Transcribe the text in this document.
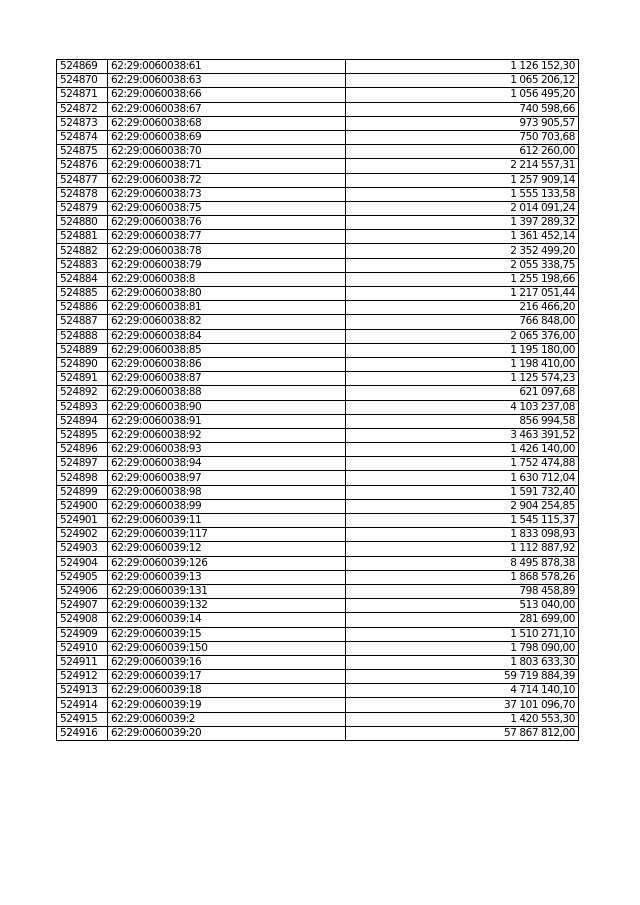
524869	62:29:0060038:61	1 126 152,30
524870	62:29:0060038:63	1 065 206,12
524871	62:29:0060038:66	1 056 495,20
524872	62:29:0060038:67	740 598,66
524873	62:29:0060038:68	973 905,57
524874	62:29:0060038:69	750 703,68
524875	62:29:0060038:70	612 260,00
524876	62:29:0060038:71	2 214 557,31
524877	62:29:0060038:72	1 257 909,14
524878	62:29:0060038:73	1 555 133,58
524879	62:29:0060038:75	2 014 091,24
524880	62:29:0060038:76	1 397 289,32
524881	62:29:0060038:77	1 361 452,14
524882	62:29:0060038:78	2 352 499,20
524883	62:29:0060038:79	2 055 338,75
524884	62:29:0060038:8	1 255 198,66
524885	62:29:0060038:80	1 217 051,44
524886	62:29:0060038:81	216 466,20
524887	62:29:0060038:82	766 848,00
524888	62:29:0060038:84	2 065 376,00
524889	62:29:0060038:85	1 195 180,00
524890	62:29:0060038:86	1 198 410,00
524891	62:29:0060038:87	1 125 574,23
524892	62:29:0060038:88	621 097,68
524893	62:29:0060038:90	4 103 237,08
524894	62:29:0060038:91	856 994,58
524895	62:29:0060038:92	3 463 391,52
524896	62:29:0060038:93	1 426 140,00
524897	62:29:0060038:94	1 752 474,88
524898	62:29:0060038:97	1 630 712,04
524899	62:29:0060038:98	1 591 732,40
524900	62:29:0060038:99	2 904 254,85
524901	62:29:0060039:11	1 545 115,37
524902	62:29:0060039:117	1 833 098,93
524903	62:29:0060039:12	1 112 887,92
524904	62:29:0060039:126	8 495 878,38
524905	62:29:0060039:13	1 868 578,26
524906	62:29:0060039:131	798 458,89
524907	62:29:0060039:132	513 040,00
524908	62:29:0060039:14	281 699,00
524909	62:29:0060039:15	1 510 271,10
524910	62:29:0060039:150	1 798 090,00
524911	62:29:0060039:16	1 803 633,30
524912	62:29:0060039:17	59 719 884,39
524913	62:29:0060039:18	4 714 140,10
524914	62:29:0060039:19	37 101 096,70
524915	62:29:0060039:2	1 420 553,30
524916	62:29:0060039:20	57 867 812,00
